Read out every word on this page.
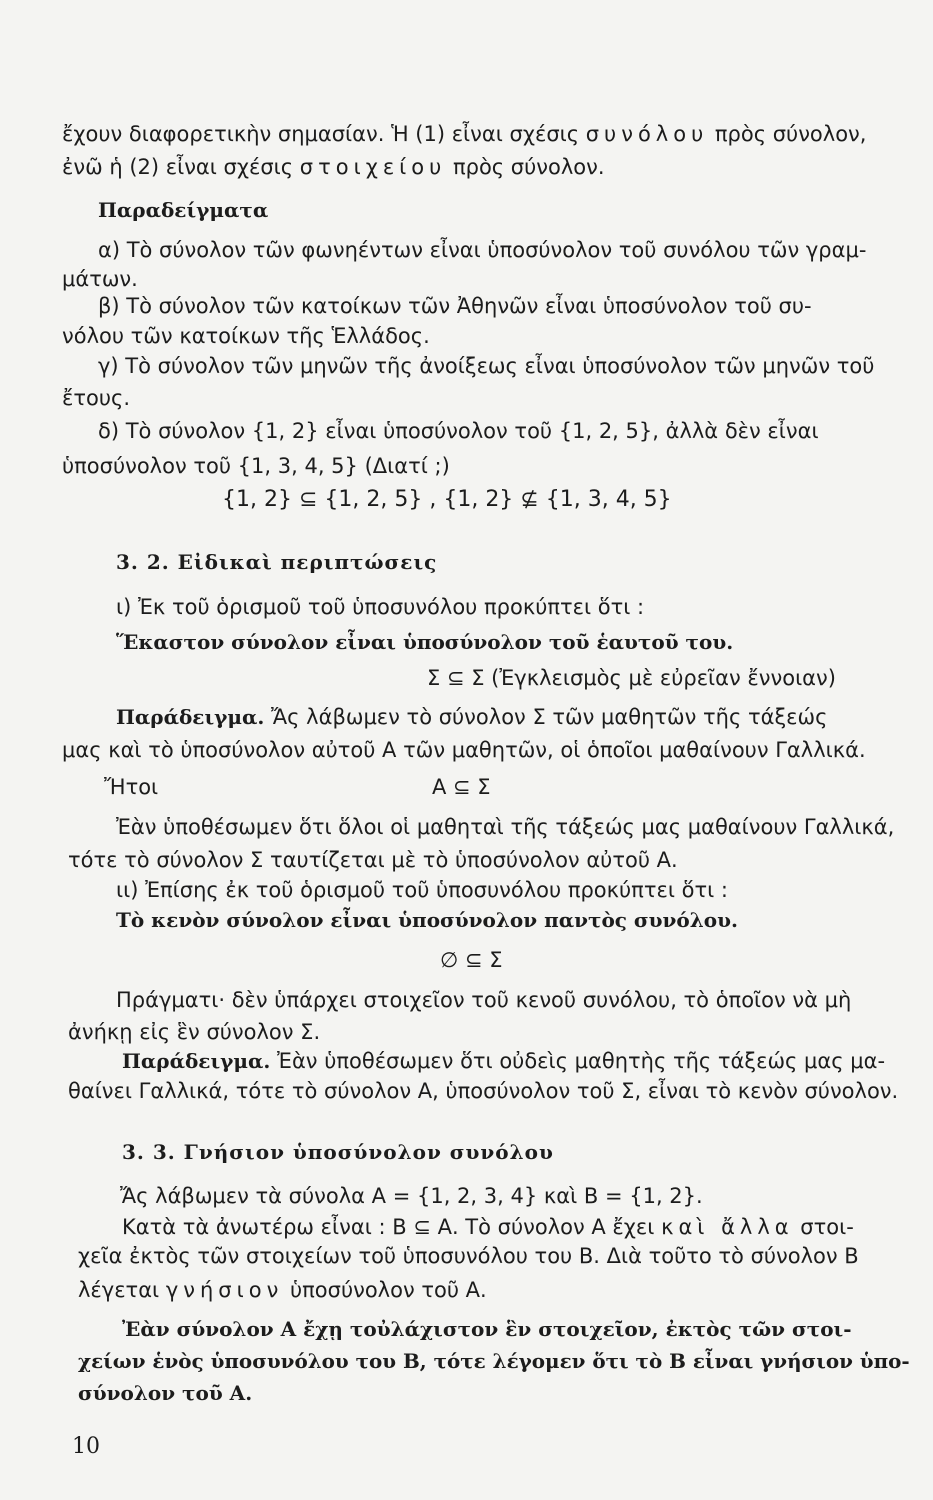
ἔχουν διαφορετικὴν σημασίαν. Ἡ (1) εἶναι σχέσις συνόλου πρὸς σύνολον,
ἐνῶ ἡ (2) εἶναι σχέσις στοιχείου πρὸς σύνολον.
Παραδείγματα
α) Τὸ σύνολον τῶν φωνηέντων εἶναι ὑποσύνολον τοῦ συνόλου τῶν γραμ-
μάτων.
β) Τὸ σύνολον τῶν κατοίκων τῶν Ἀθηνῶν εἶναι ὑποσύνολον τοῦ συ-
νόλου τῶν κατοίκων τῆς Ἑλλάδος.
γ) Τὸ σύνολον τῶν μηνῶν τῆς ἀνοίξεως εἶναι ὑποσύνολον τῶν μηνῶν τοῦ
ἔτους.
δ) Τὸ σύνολον {1, 2} εἶναι ὑποσύνολον τοῦ {1, 2, 5}, ἀλλὰ δὲν εἶναι
ὑποσύνολον τοῦ {1, 3, 4, 5} (Διατί ;)
{1, 2} ⊆ {1, 2, 5} , {1, 2} ⊈ {1, 3, 4, 5}
3. 2. Εἰδικαὶ περιπτώσεις
ι) Ἐκ τοῦ ὁρισμοῦ τοῦ ὑποσυνόλου προκύπτει ὅτι :
Ἕκαστον σύνολον εἶναι ὑποσύνολον τοῦ ἑαυτοῦ του.
Σ ⊆ Σ (Ἐγκλεισμὸς μὲ εὐρεῖαν ἔννοιαν)
Παράδειγμα. Ἄς λάβωμεν τὸ σύνολον Σ τῶν μαθητῶν τῆς τάξεώς
μας καὶ τὸ ὑποσύνολον αὐτοῦ Α τῶν μαθητῶν, οἱ ὁποῖοι μαθαίνουν Γαλλικά.
Ἤτοι	Α ⊆ Σ
Ἐὰν ὑποθέσωμεν ὅτι ὅλοι οἱ μαθηταὶ τῆς τάξεώς μας μαθαίνουν Γαλλικά,
τότε τὸ σύνολον Σ ταυτίζεται μὲ τὸ ὑποσύνολον αὐτοῦ Α.
ιι) Ἐπίσης ἐκ τοῦ ὁρισμοῦ τοῦ ὑποσυνόλου προκύπτει ὅτι :
Τὸ κενὸν σύνολον εἶναι ὑποσύνολον παντὸς συνόλου.
∅ ⊆ Σ
Πράγματι· δὲν ὑπάρχει στοιχεῖον τοῦ κενοῦ συνόλου, τὸ ὁποῖον νὰ μὴ
ἀνήκῃ εἰς ἓν σύνολον Σ.
Παράδειγμα. Ἐὰν ὑποθέσωμεν ὅτι οὐδεὶς μαθητὴς τῆς τάξεώς μας μα-
θαίνει Γαλλικά, τότε τὸ σύνολον Α, ὑποσύνολον τοῦ Σ, εἶναι τὸ κενὸν σύνολον.
3. 3. Γνήσιον ὑποσύνολον συνόλου
Ἄς λάβωμεν τὰ σύνολα Α = {1, 2, 3, 4} καὶ Β = {1, 2}.
Κατὰ τὰ ἀνωτέρω εἶναι : Β ⊆ Α. Τὸ σύνολον Α ἔχει καὶ ἄλλα στοι-
χεῖα ἐκτὸς τῶν στοιχείων τοῦ ὑποσυνόλου του Β. Διὰ τοῦτο τὸ σύνολον Β
λέγεται γνήσιον ὑποσύνολον τοῦ Α.
Ἐὰν σύνολον Α ἔχῃ τοὐλάχιστον ἓν στοιχεῖον, ἐκτὸς τῶν στοι-
χείων ἑνὸς ὑποσυνόλου του Β, τότε λέγομεν ὅτι τὸ Β εἶναι γνήσιον ὑπο-
σύνολον τοῦ Α.
10
